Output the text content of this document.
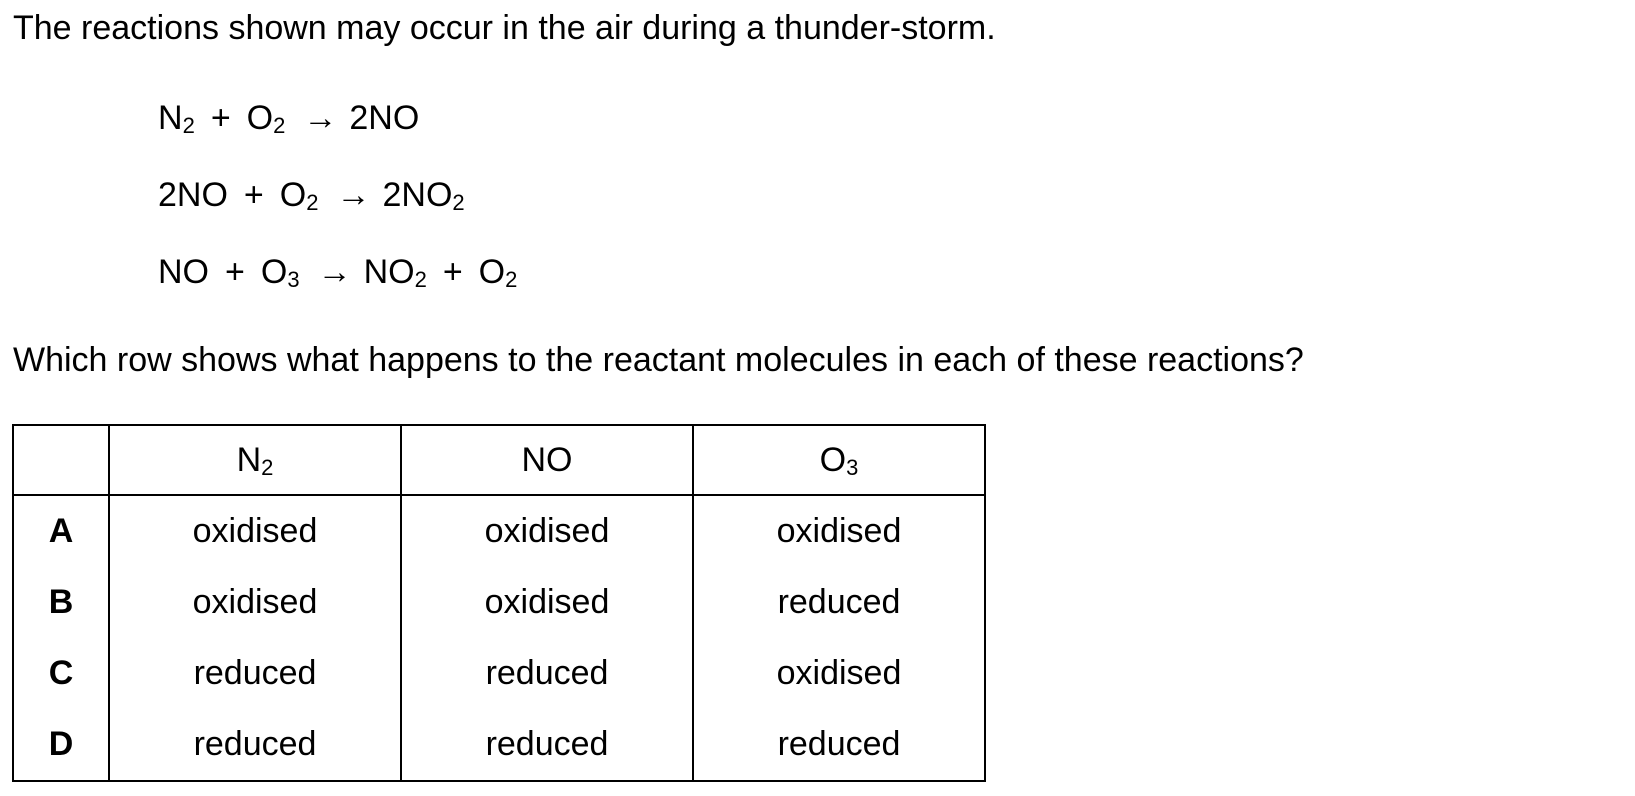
The reactions shown may occur in the air during a thunder-storm.
$N_2 + O_2 \to 2NO$
$2NO + O_2 \to 2NO_2$
NO + $O_3 \to NO_2 + O_2$
Which row shows what happens to the reactant molecules in each of these reactions?
	$N_2$	NO	$O_3$
A	oxidised	oxidised	oxidised
B	oxidised	oxidised	reduced
C	reduced	reduced	oxidised
D	reduced	reduced	reduced
